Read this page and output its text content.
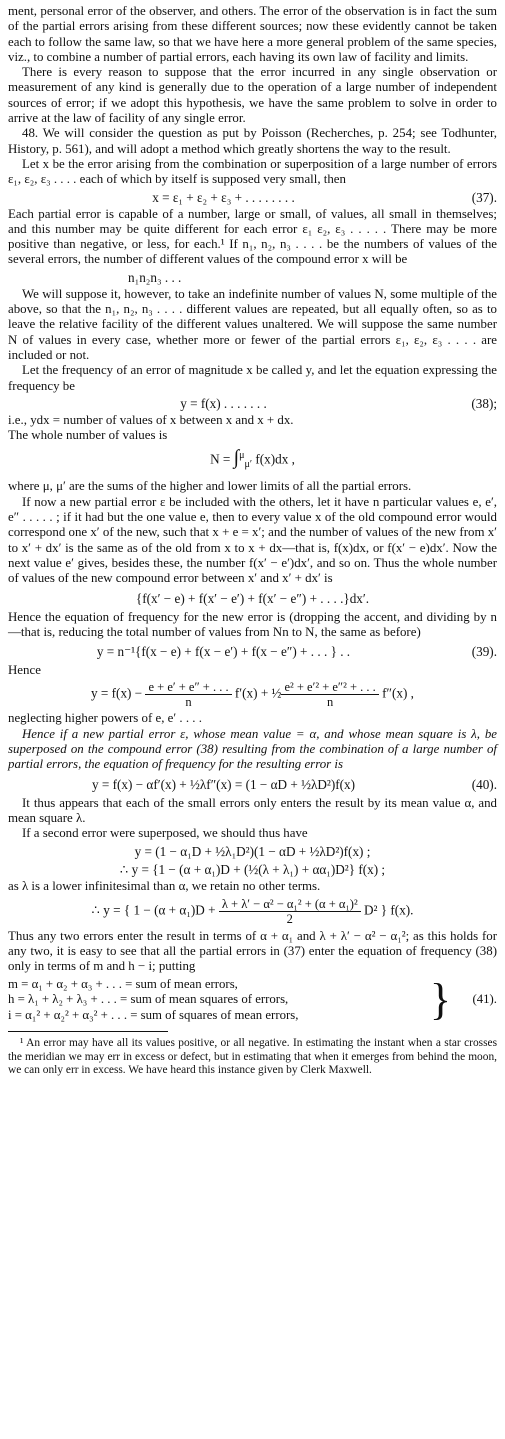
ment, personal error of the observer, and others. The error of the observation is in fact the sum of the partial errors arising from these different sources; now these evidently cannot be taken each to follow the same law, so that we have here a more general problem of the same species, viz., to combine a number of partial errors, each having its own law of facility and limits.

There is every reason to suppose that the error incurred in any single observation or measurement of any kind is generally due to the operation of a large number of independent sources of error; if we adopt this hypothesis, we have the same problem to solve in order to arrive at the law of facility of any single error.

48. We will consider the question as put by Poisson (Recherches, p. 254; see Todhunter, History, p. 561), and will adopt a method which greatly shortens the way to the result.

Let x be the error arising from the combination or superposition of a large number of errors ε₁, ε₂, ε₃ . . . . each of which by itself is supposed very small, then

x = ε₁ + ε₂ + ε₃ + . . . . . . . .	(37).

Each partial error is capable of a number, large or small, of values, all small in themselves; and this number may be quite different for each error ε₁ ε₂, ε₃ . . . . . There may be more positive than negative, or less, for each.¹ If n₁, n₂, n₃ . . . . be the numbers of values of the several errors, the number of different values of the compound error x will be

n₁n₂n₃ . . .

We will suppose it, however, to take an indefinite number of values N, some multiple of the above, so that the n₁, n₂, n₃ . . . . different values are repeated, but all equally often, so as to leave the relative facility of the different values unaltered. We will suppose the same number N of values in every case, whether more or fewer of the partial errors ε₁, ε₂, ε₃ . . . . are included or not.

Let the frequency of an error of magnitude x be called y, and let the equation expressing the frequency be

y = f(x) . . . . . . .	(38);

i.e., ydx = number of values of x between x and x + dx.

The whole number of values is

N = ∫$^\mu_{\mu'}$ f(x)dx ,

where μ, μ′ are the sums of the higher and lower limits of all the partial errors.

If now a new partial error ε be included with the others, let it have n particular values e, e′, e″ . . . . . ; if it had but the one value e, then to every value x of the old compound error would correspond one x′ of the new, such that x + e = x′; and the number of values of the new from x′ to x′ + dx′ is the same as of the old from x to x + dx—that is, f(x)dx, or f(x′ − e)dx′. Now the next value e′ gives, besides these, the number f(x′ − e′)dx′, and so on. Thus the whole number of values of the new compound error between x′ and x′ + dx′ is

{f(x′ − e) + f(x′ − e′) + f(x′ − e″) + . . . .}dx′.

Hence the equation of frequency for the new error is (dropping the accent, and dividing by n—that is, reducing the total number of values from Nn to N, the same as before)

y = n⁻¹{f(x − e) + f(x − e′) + f(x − e″) + . . . } . .	(39).

Hence

$y = f(x) - \frac{e + e' + e'' + . . .}{n} f'(x)$ + ½ $\frac{\text{e² + e′² + e″² + . . .}}{n} f''(x)$ ,

neglecting higher powers of e, e′ . . . .

Hence if a new partial error ε, whose mean value = α, and whose mean square is λ, be superposed on the compound error (38) resulting from the combination of a large number of partial errors, the equation of frequency for the resulting error is

y = f(x) − αf′(x) + ½λf″(x) = (1 − αD + ½λD²)f(x)	(40).

It thus appears that each of the small errors only enters the result by its mean value α, and mean square λ.

If a second error were superposed, we should thus have

y = (1 − α₁D + ½λ₁D²)(1 − αD + ½λD²)f(x) ;
∴ y = {1 − (α + α₁)D + (½(λ + λ₁) + αα₁)D²} f(x) ;

as λ is a lower infinitesimal than α, we retain no other terms.

∴ y = { $1 - (\alpha + \alpha_1)D + \frac{\text{λ + λ′ − α² − α₁² + (α + α₁)²}}{2} D^2$ } f(x).

Thus any two errors enter the result in terms of α + α₁ and λ + λ′ − α² − α₁²; as this holds for any two, it is easy to see that all the partial errors in (37) enter the equation of frequency (38) only in terms of m and h − i; putting

m = α₁ + α₂ + α₃ + . . . = sum of mean errors,
h = λ₁ + λ₂ + λ₃ + . . . = sum of mean squares of errors,
i = α₁² + α₂² + α₃² + . . . = sum of squares of mean errors,	}	(41).

¹ An error may have all its values positive, or all negative. In estimating the instant when a star crosses the meridian we may err in excess or defect, but in estimating that when it emerges from behind the moon, we can only err in excess. We have heard this instance given by Clerk Maxwell.
